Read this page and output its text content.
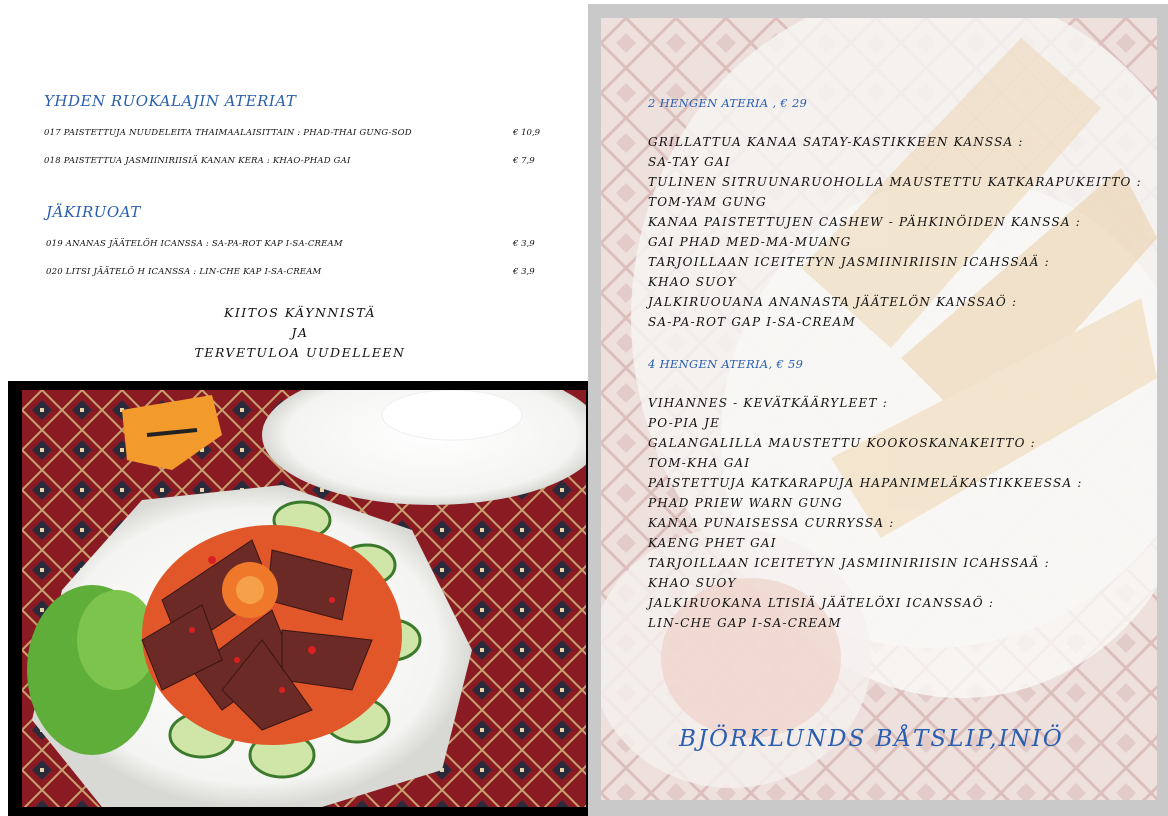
YHDEN RUOKALAJIN ATERIAT
017 PAISTETTUJA NUUDELEITA THAIMAALAISITTAIN : PHAD-THAI GUNG-SOD	€ 10,9
018 PAISTETTUA JASMIINIRIISIÄ KANAN KERA : KHAO-PHAD GAI	€ 7,9
JÄKIRUOAT
019 ANANAS JÄÄTELÖH ICANSSA : SA-PA-ROT KAP I-SA-CREAM	€ 3,9
020 LITSI JÄÄTELÖ H ICANSSA : LIN-CHE KAP I-SA-CREAM	€ 3,9
KIITOS KÄYNNISTÄ
JA
TERVETULOA UUDELLEEN
2 HENGEN ATERIA , € 29
GRILLATTUA KANAA SATAY-KASTIKKEEN KANSSA :
SA-TAY GAI
TULINEN SITRUUNARUOHOLLA MAUSTETTU KATKARAPUKEITTO :
TOM-YAM GUNG
KANAA PAISTETTUJEN CASHEW - PÄHKINÖIDEN KANSSA :
GAI PHAD MED-MA-MUANG
TARJOILLAAN ICEITETYN JASMIINIRIISIN ICAHSSAÄ :
KHAO SUOY
JALKIRUOUANA ANANASTA JÄÄTELÖN KANSSAÖ :
SA-PA-ROT GAP I-SA-CREAM
4 HENGEN ATERIA, € 59
VIHANNES - KEVÄTKÄÄRYLEET :
PO-PIA JE
GALANGALILLA MAUSTETTU KOOKOSKANAKEITTO :
TOM-KHA GAI
PAISTETTUJA KATKARAPUJA HAPANIMELÄKASTIKKEESSA :
PHAD PRIEW WARN GUNG
KANAA PUNAISESSA CURRYSSA :
KAENG PHET GAI
TARJOILLAAN ICEITETYN JASMIINIRIISIN ICAHSSAÄ :
KHAO SUOY
JALKIRUOKANA LTISIÄ JÄÄTELÖXI ICANSSAÖ :
LIN-CHE GAP I-SA-CREAM
BJÖRKLUNDS BÅTSLIP,INIÖ
